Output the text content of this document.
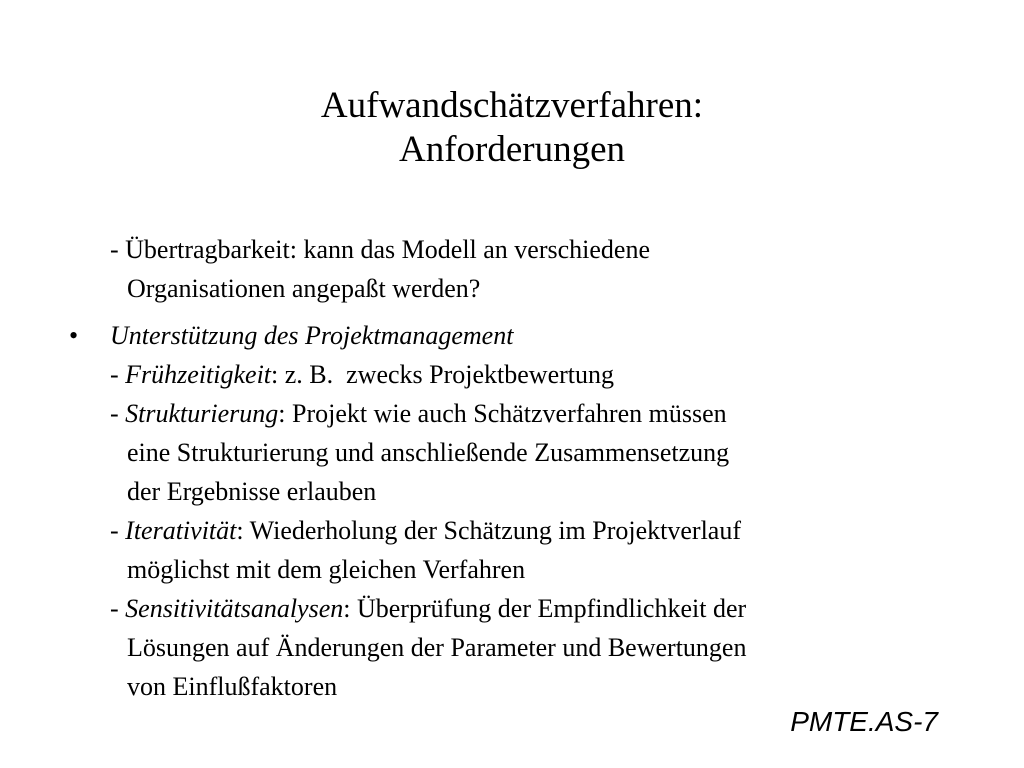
Aufwandschätzverfahren:
Anforderungen
- Übertragbarkeit: kann das Modell an verschiedene
Organisationen angepaßt werden?
• Unterstützung des Projektmanagement
- Frühzeitigkeit: z. B.  zwecks Projektbewertung
- Strukturierung: Projekt wie auch Schätzverfahren müssen
eine Strukturierung und anschließende Zusammensetzung
der Ergebnisse erlauben
- Iterativität: Wiederholung der Schätzung im Projektverlauf
möglichst mit dem gleichen Verfahren
- Sensitivitätsanalysen: Überprüfung der Empfindlichkeit der
Lösungen auf Änderungen der Parameter und Bewertungen
von Einflußfaktoren
PMTE.AS-7
